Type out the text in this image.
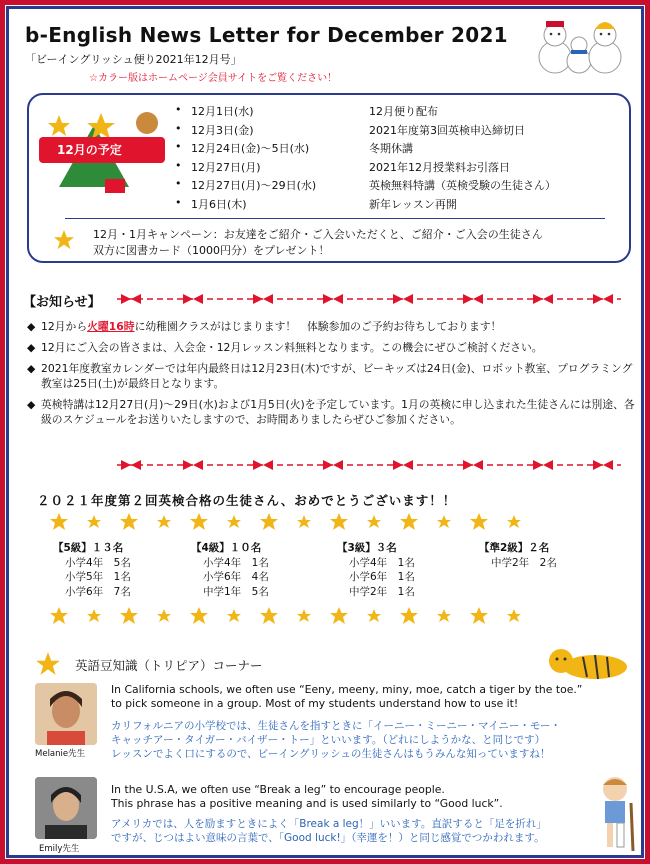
b-English News Letter for December 2021
「ビーイングリッシュ便り2021年12月号」
☆カラー版はホームページ会員サイトをご覧ください！
12月の予定
• 12月1日(水)	12月便り配布
• 12月3日(金)	2021年度第3回英検申込締切日
• 12月24日(金)～5日(水)	冬期休講
• 12月27日(月)	2021年12月授業料お引落日
• 12月27日(月)～29日(水)	英検無料特講（英検受験の生徒さん）
• 1月6日(木)	新年レッスン再開
12月・1月キャンペーン：お友達をご紹介・ご入会いただくと、ご紹介・ご入会の生徒さん
双方に図書カード（1000円分）をプレゼント！
【お知らせ】
◆ 12月から火曜16時に幼稚園クラスがはじまります！　体験参加のご予約お待ちしております！
◆ 12月にご入会の皆さまは、入会金・12月レッスン料無料となります。この機会にぜひご検討ください。
◆ 2021年度教室カレンダーでは年内最終日は12月23日(木)ですが、ビーキッズは24日(金)、ロボット教室、プログラミング教室は25日(土)が最終日となります。
◆ 英検特講は12月27日(月)～29日(水)および1月5日(火)を予定しています。1月の英検に申し込まれた生徒さんには別途、各級のスケジュールをお送りいたしますので、お時間ありましたらぜひご参加ください。
２０２１年度第２回英検合格の生徒さん、おめでとうございます！！
【5級】１３名
小学4年　5名
小学5年　1名
小学6年　7名
【4級】１０名
小学4年　1名
小学6年　4名
中学1年　5名
【3級】３名
小学4年　1名
小学6年　1名
中学2年　1名
【準2級】２名
中学2年　2名
英語豆知識（トリピア）コーナー
Melanie先生
In California schools, we often use “Eeny, meeny, miny, moe, catch a tiger by the toe.”
to pick someone in a group. Most of my students understand how to use it!
カリフォルニアの小学校では、生徒さんを指すときに「イーニー・ミーニー・マイニー・モー・
キャッチアー・タイガー・バイザー・トー」といいます。（どれにしようかな、と同じです）
レッスンでよく口にするので、ビーイングリッシュの生徒さんはもうみんな知っていますね！
Emily先生
In the U.S.A, we often use “Break a leg” to encourage people.
This phrase has a positive meaning and is used similarly to “Good luck”.
アメリカでは、人を励ますときによく「Break a leg！」いいます。直訳すると「足を折れ」
ですが、じつはよい意味の言葉で、「Good luck!」（幸運を！）と同じ感覚でつかわれます。
